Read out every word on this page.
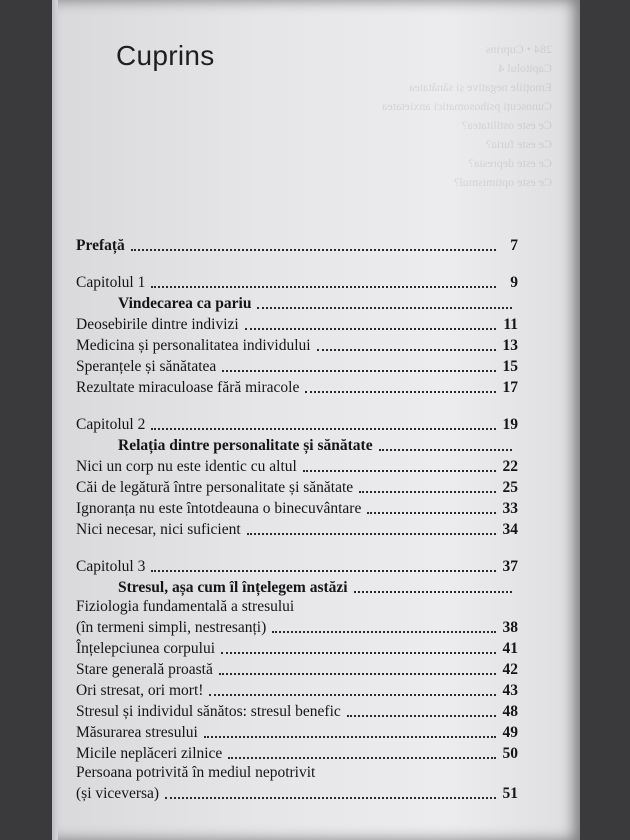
284 • Cuprins
Capitolul 4
Emoțiile negative și sănătatea
Cunoscuți psihosomatici anxietatea
Ce este ostilitatea?
Ce este furia?
Ce este depresia?
Ce este optimismul?
Cuprins
Prefață	7
Capitolul 1	9
Vindecarea ca pariu
Deosebirile dintre indivizi	11
Medicina și personalitatea individului	13
Speranțele și sănătatea	15
Rezultate miraculoase fără miracole	17
Capitolul 2	19
Relația dintre personalitate și sănătate
Nici un corp nu este identic cu altul	22
Căi de legătură între personalitate și sănătate	25
Ignoranța nu este întotdeauna o binecuvântare	33
Nici necesar, nici suficient	34
Capitolul 3	37
Stresul, așa cum îl înțelegem astăzi
Fiziologia fundamentală a stresului
(în termeni simpli, nestresanți)	38
Înțelepciunea corpului	41
Stare generală proastă	42
Ori stresat, ori mort!	43
Stresul și individul sănătos: stresul benefic	48
Măsurarea stresului	49
Micile neplăceri zilnice	50
Persoana potrivită în mediul nepotrivit
(și viceversa)	51
